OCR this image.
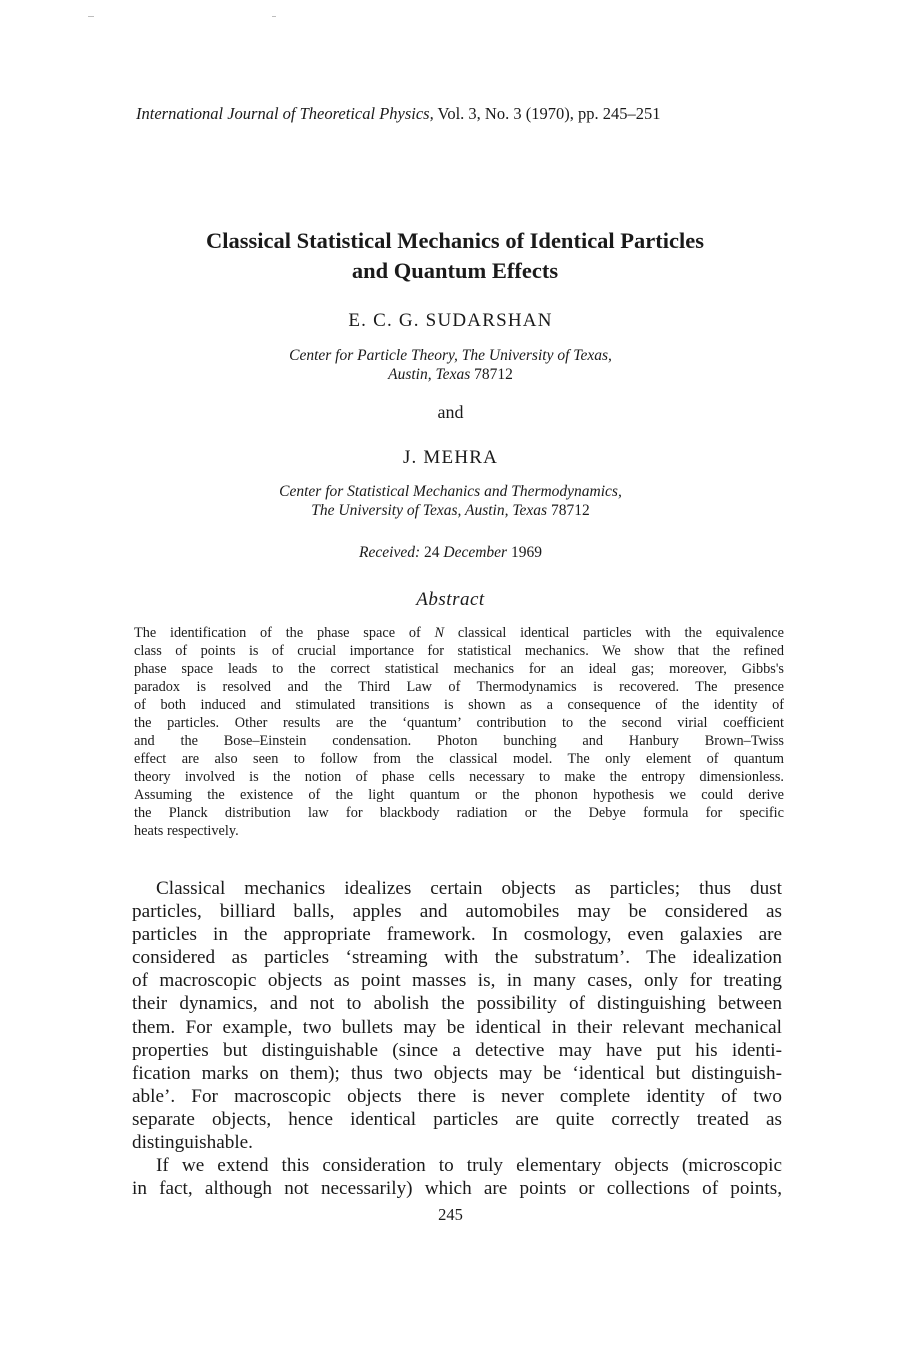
International Journal of Theoretical Physics, Vol. 3, No. 3 (1970), pp. 245–251
Classical Statistical Mechanics of Identical Particles
and Quantum Effects
E. C. G. SUDARSHAN
Center for Particle Theory, The University of Texas,
Austin, Texas 78712
and
J. MEHRA
Center for Statistical Mechanics and Thermodynamics,
The University of Texas, Austin, Texas 78712
Received: 24 December 1969
Abstract
The identification of the phase space of N classical identical particles with the equivalence
class of points is of crucial importance for statistical mechanics. We show that the refined
phase space leads to the correct statistical mechanics for an ideal gas; moreover, Gibbs's
paradox is resolved and the Third Law of Thermodynamics is recovered. The presence
of both induced and stimulated transitions is shown as a consequence of the identity of
the particles. Other results are the ‘quantum’ contribution to the second virial coefficient
and the Bose–Einstein condensation. Photon bunching and Hanbury Brown–Twiss
effect are also seen to follow from the classical model. The only element of quantum
theory involved is the notion of phase cells necessary to make the entropy dimensionless.
Assuming the existence of the light quantum or the phonon hypothesis we could derive
the Planck distribution law for blackbody radiation or the Debye formula for specific
heats respectively.
Classical mechanics idealizes certain objects as particles; thus dust
particles, billiard balls, apples and automobiles may be considered as
particles in the appropriate framework. In cosmology, even galaxies are
considered as particles ‘streaming with the substratum’. The idealization
of macroscopic objects as point masses is, in many cases, only for treating
their dynamics, and not to abolish the possibility of distinguishing between
them. For example, two bullets may be identical in their relevant mechanical
properties but distinguishable (since a detective may have put his identi-
fication marks on them); thus two objects may be ‘identical but distinguish-
able’. For macroscopic objects there is never complete identity of two
separate objects, hence identical particles are quite correctly treated as
distinguishable.
If we extend this consideration to truly elementary objects (microscopic
in fact, although not necessarily) which are points or collections of points,
245
